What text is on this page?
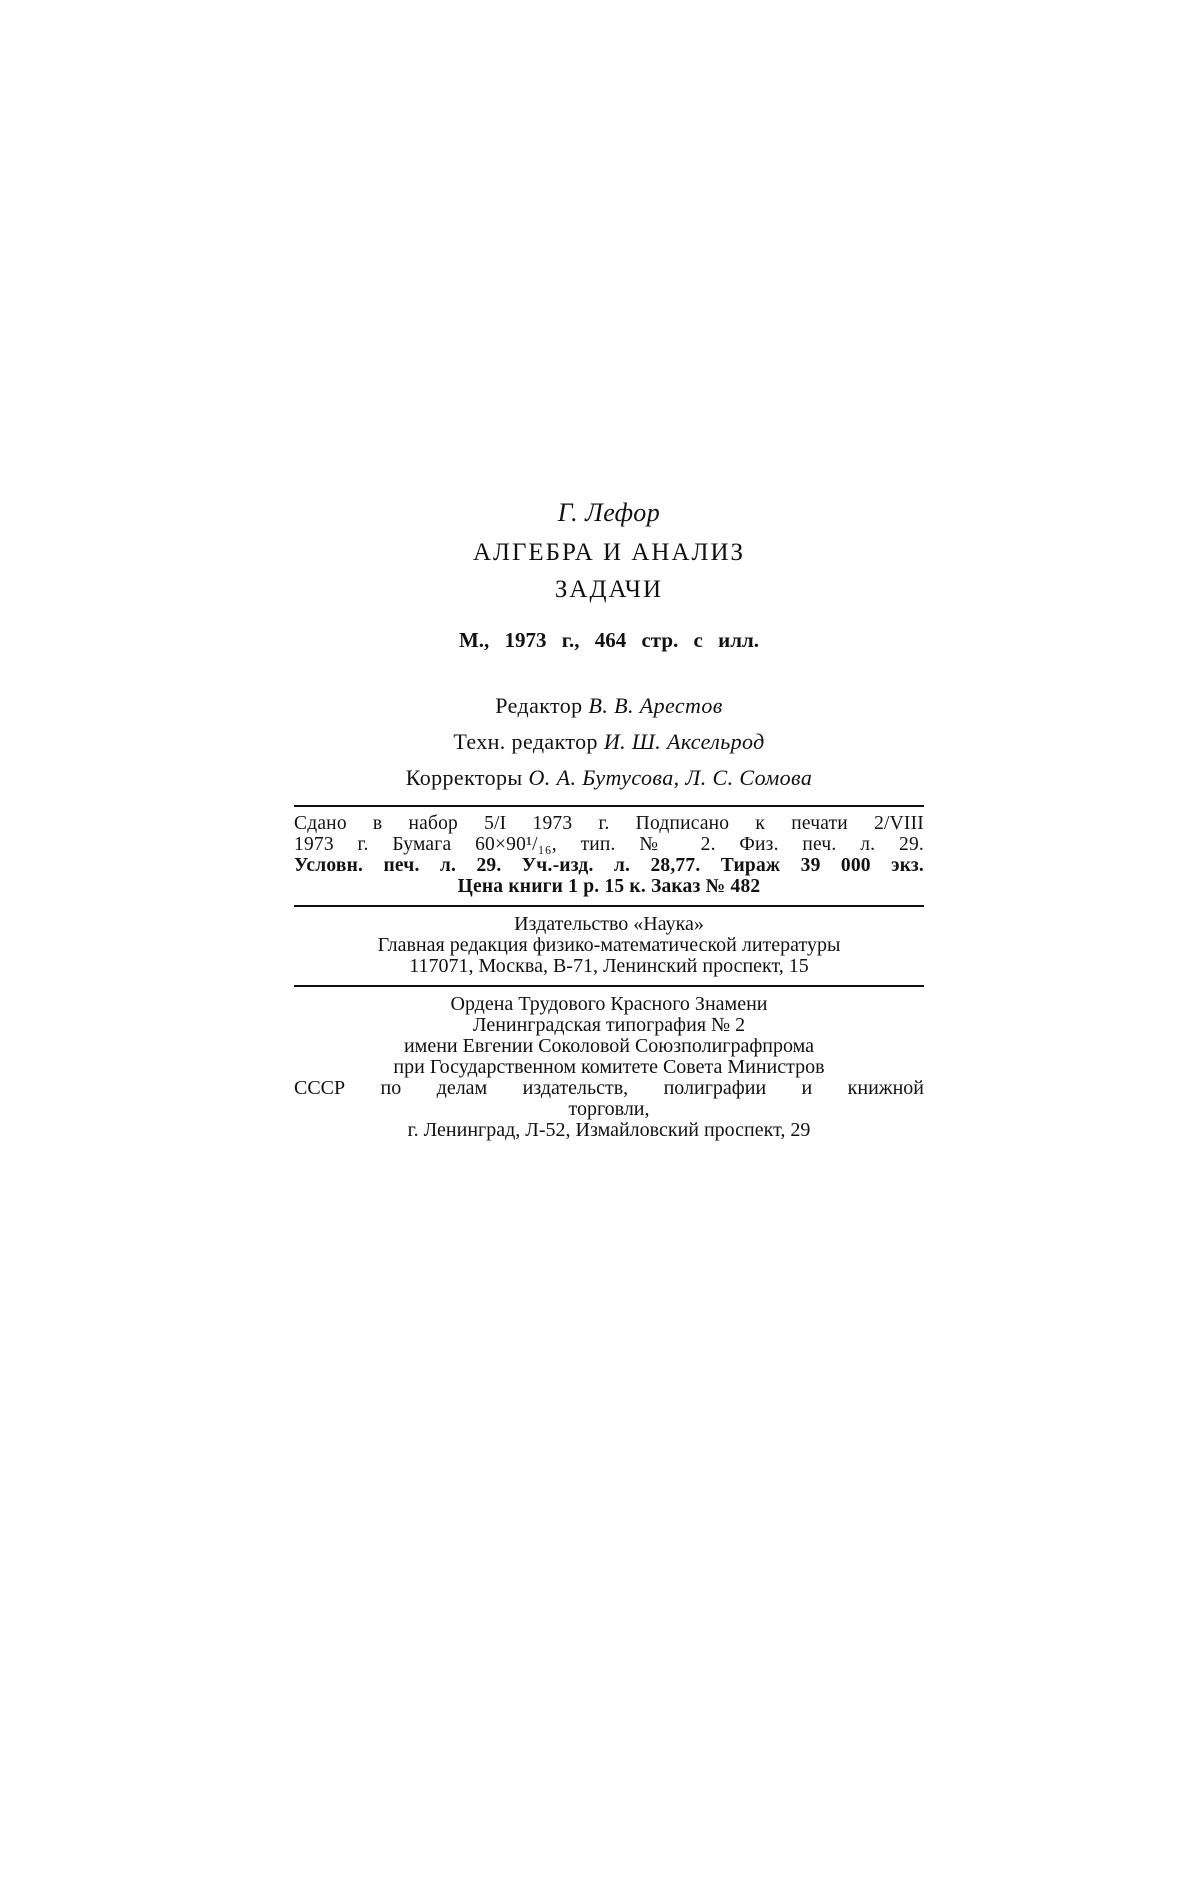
Г. Лефор
АЛГЕБРА И АНАЛИЗ
ЗАДАЧИ
М., 1973 г., 464 стр. с илл.
Редактор В. В. Арестов
Техн. редактор И. Ш. Аксельрод
Корректоры О. А. Бутусова, Л. С. Сомова
Сдано в набор 5/I 1973 г. Подписано к печати 2/VIII
1973 г. Бумага 60×90¹/₁₆, тип. № 2. Физ. печ. л. 29.
Условн. печ. л. 29. Уч.-изд. л. 28,77. Тираж 39 000 экз.
Цена книги 1 р. 15 к. Заказ № 482
Издательство «Наука»
Главная редакция физико-математической литературы
117071, Москва, В-71, Ленинский проспект, 15
Ордена Трудового Красного Знамени
Ленинградская типография № 2
имени Евгении Соколовой Союзполиграфпрома
при Государственном комитете Совета Министров
СССР по делам издательств, полиграфии и книжной
торговли,
г. Ленинград, Л-52, Измайловский проспект, 29
